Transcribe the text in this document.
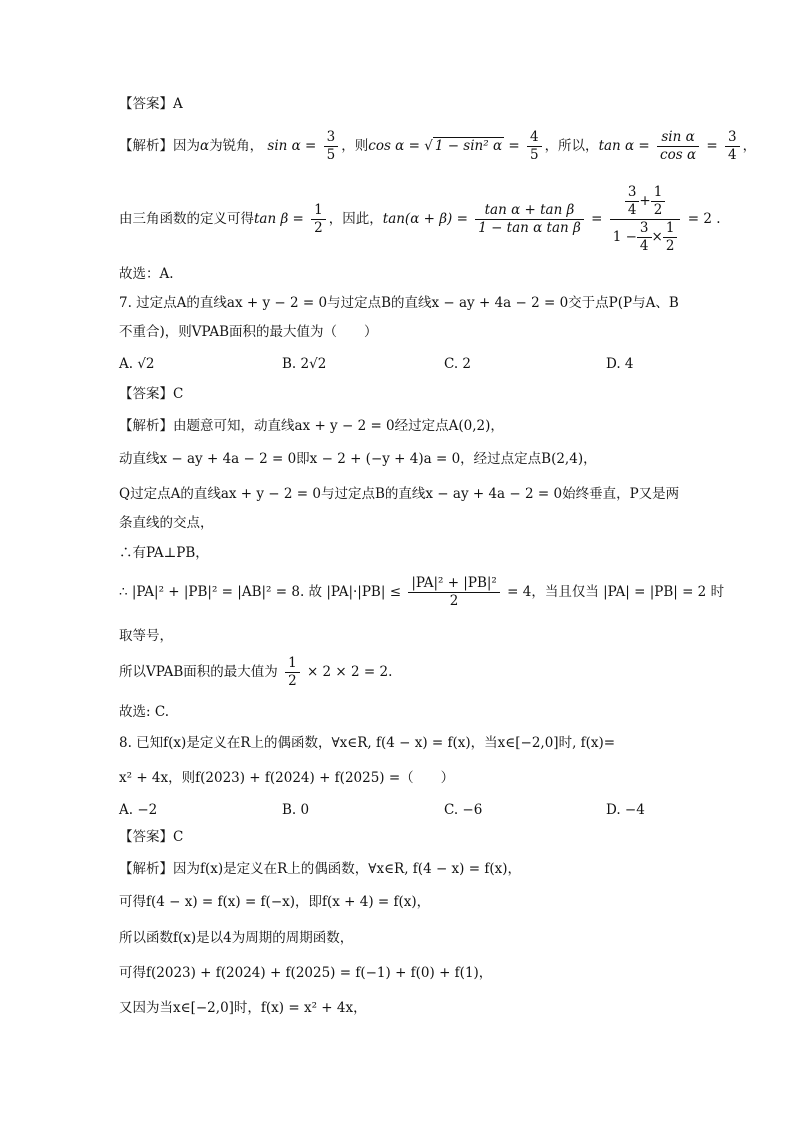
【答案】A
【解析】因为α为锐角， $\sin \alpha = \frac{3}{5}$ ，则cos α = √ 1 − sin² $\alpha = \frac{4}{5}$ ，所以，$\tan \alpha = \frac{\text{sin α}}{\text{cos α}} = \frac{3}{4}$ ，
由三角函数的定义可得$\tan \beta = \frac{1}{2}$ ，因此，$\tan(\alpha + \beta) = \frac{\text{tan α + tan β}}{\text{1 − tan α tan β}} = \frac{\frac{3}{4} + \frac{1}{2}}{1 - \frac{3}{4} \times \frac{1}{2}} = 2$ .
故选：A.
7. 过定点A的直线ax + y − 2 = 0与过定点B的直线x − ay + 4a − 2 = 0交于点P(P与A、B
不重合)，则VPAB面积的最大值为（　　）
A. √2	B. 2√2	C. 2	D. 4
【答案】C
【解析】由题意可知，动直线ax + y − 2 = 0经过定点A(0,2)，
动直线x − ay + 4a − 2 = 0即x − 2 + (−y + 4)a = 0，经过点定点B(2,4)，
Q过定点A的直线ax + y − 2 = 0与过定点B的直线x − ay + 4a − 2 = 0始终垂直，P又是两
条直线的交点，
∴有PA⊥PB，
∴ |PA|² + |PB|² = |AB|² = 8. 故 $|PA|\cdot|PB| \le \frac{\text{|PA|² + |PB|²}}{2} = 4$，当且仅当 |PA| = |PB| = 2 时
取等号，
所以VPAB面积的最大值为 $\frac{1}{2} \times 2 \times 2 = 2$.
故选: C.
8. 已知f(x)是定义在R上的偶函数，∀x∈R, f(4 − x) = f(x)，当x∈[−2,0]时, f(x)=
x² + 4x，则f(2023) + f(2024) + f(2025) =（　　）
A. −2	B. 0	C. −6	D. −4
【答案】C
【解析】因为f(x)是定义在R上的偶函数，∀x∈R, f(4 − x) = f(x)，
可得f(4 − x) = f(x) = f(−x)，即f(x + 4) = f(x)，
所以函数f(x)是以4为周期的周期函数，
可得f(2023) + f(2024) + f(2025) = f(−1) + f(0) + f(1)，
又因为当x∈[−2,0]时，f(x) = x² + 4x，
